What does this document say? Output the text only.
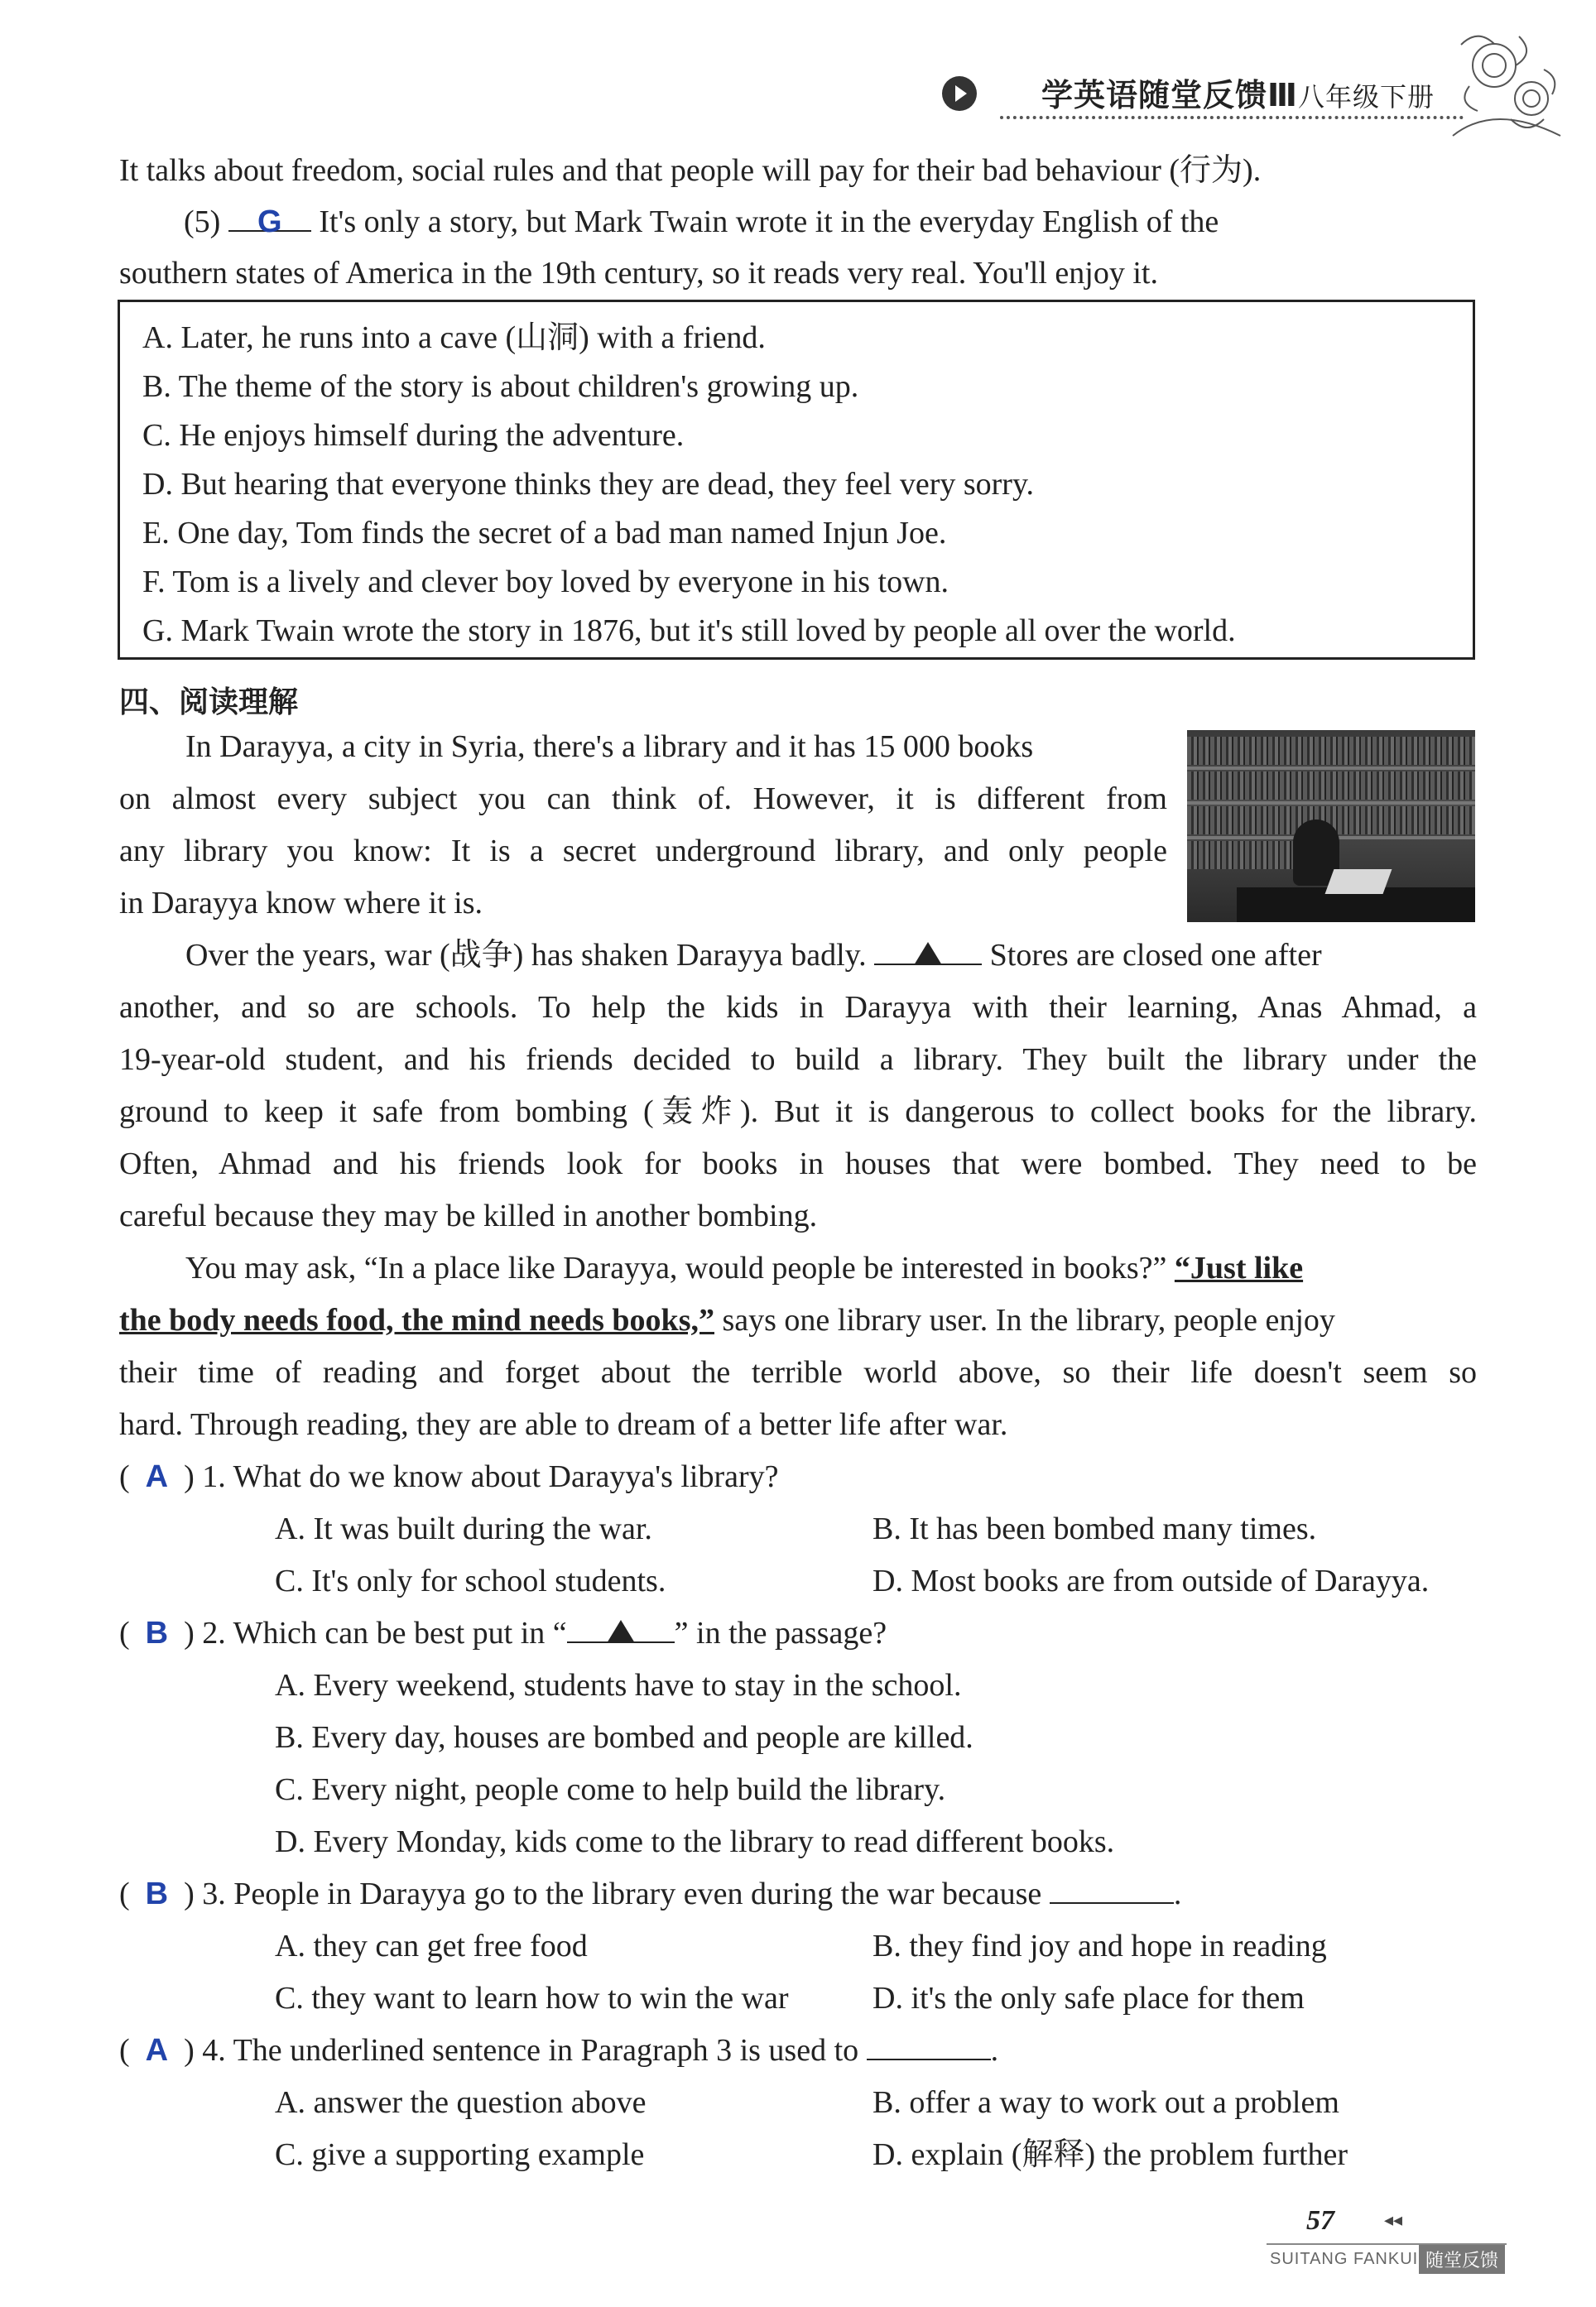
学英语随堂反馈Ⅲ八年级下册
It talks about freedom, social rules and that people will pay for their bad behaviour (行为).
(5) G It's only a story, but Mark Twain wrote it in the everyday English of the
southern states of America in the 19th century, so it reads very real. You'll enjoy it.
A. Later, he runs into a cave (山洞) with a friend.
B. The theme of the story is about children's growing up.
C. He enjoys himself during the adventure.
D. But hearing that everyone thinks they are dead, they feel very sorry.
E. One day, Tom finds the secret of a bad man named Injun Joe.
F. Tom is a lively and clever boy loved by everyone in his town.
G. Mark Twain wrote the story in 1876, but it's still loved by people all over the world.
四、阅读理解
In Darayya, a city in Syria, there's a library and it has 15 000 books
on almost every subject you can think of. However, it is different from
any library you know: It is a secret underground library, and only people
in Darayya know where it is.
Over the years, war (战争) has shaken Darayya badly.	Stores are closed one after
another, and so are schools. To help the kids in Darayya with their learning, Anas Ahmad, a
19-year-old student, and his friends decided to build a library. They built the library under the
ground to keep it safe from bombing (轰炸). But it is dangerous to collect books for the library.
Often, Ahmad and his friends look for books in houses that were bombed. They need to be
careful because they may be killed in another bombing.
You may ask, “In a place like Darayya, would people be interested in books?” “Just like
the body needs food, the mind needs books,” says one library user. In the library, people enjoy
their time of reading and forget about the terrible world above, so their life doesn't seem so
hard. Through reading, they are able to dream of a better life after war.
(  A  ) 1. What do we know about Darayya's library?
A. It was built during the war.	B. It has been bombed many times.
C. It's only for school students.	D. Most books are from outside of Darayya.
(  B  ) 2. Which can be best put in “	” in the passage?
A. Every weekend, students have to stay in the school.
B. Every day, houses are bombed and people are killed.
C. Every night, people come to help build the library.
D. Every Monday, kids come to the library to read different books.
(  B  ) 3. People in Darayya go to the library even during the war because	.
A. they can get free food	B. they find joy and hope in reading
C. they want to learn how to win the war	D. it's the only safe place for them
(  A  ) 4. The underlined sentence in Paragraph 3 is used to	.
A. answer the question above	B. offer a way to work out a problem
C. give a supporting example	D. explain (解释) the problem further
57	◂◂
SUITANG FANKUI 随堂反馈
